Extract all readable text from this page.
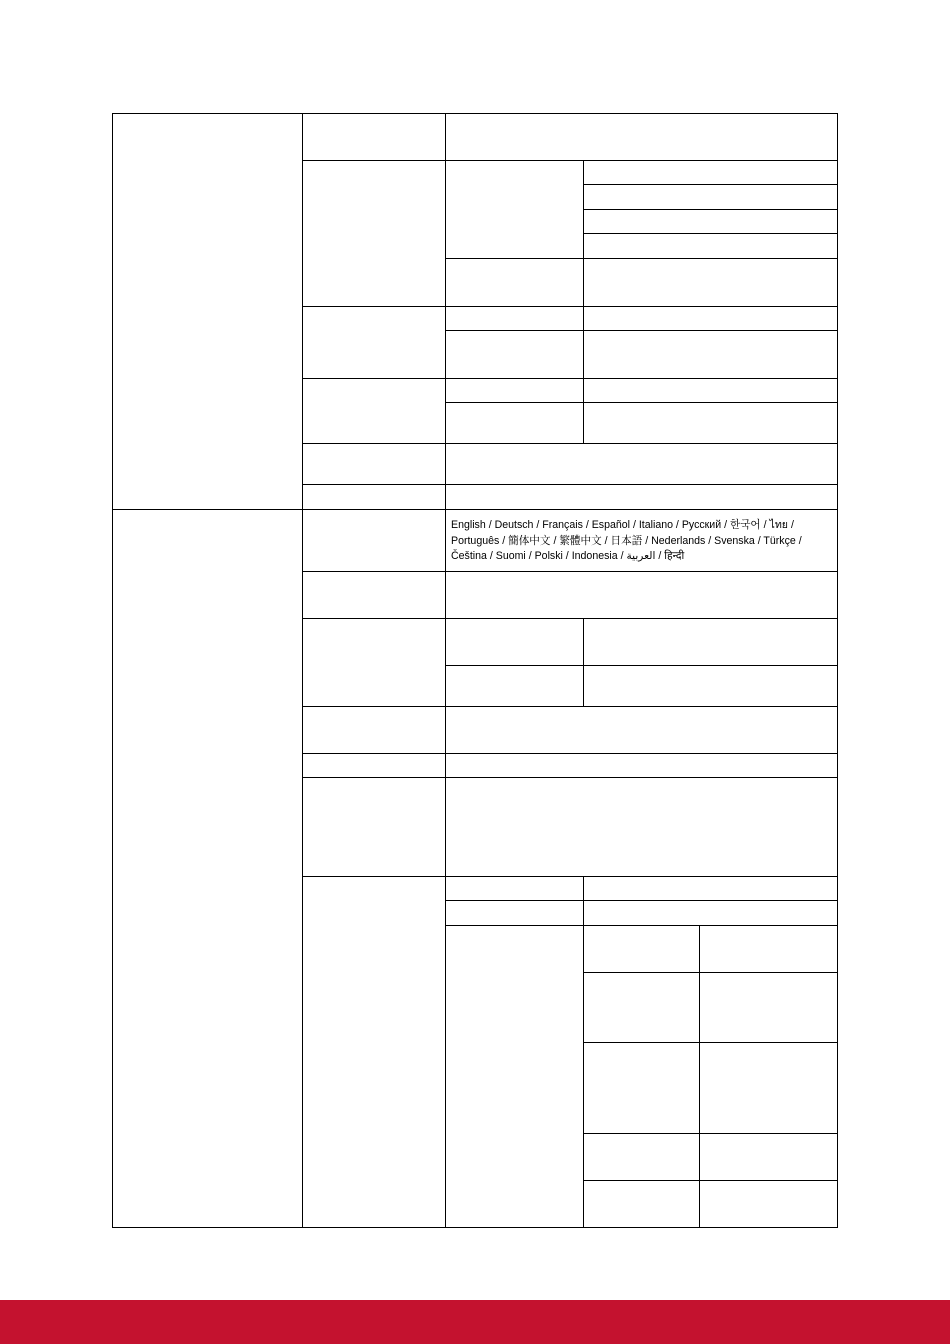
English / Deutsch / Français / Español / Italiano / Русский / 한국어 / ไทย /
Português / 簡体中文 / 繁體中文 / 日本語 / Nederlands / Svenska / Türkçe /
Čeština / Suomi / Polski / Indonesia / العربية / हिन्दी
